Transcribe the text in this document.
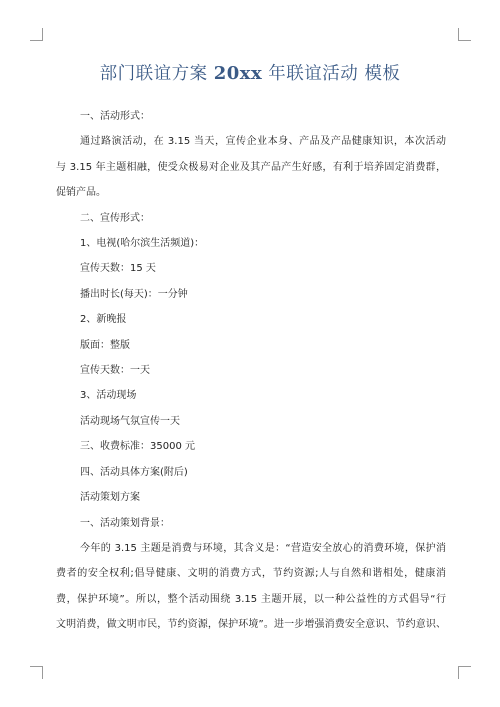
部门联谊方案 20xx 年联谊活动 模板

一、活动形式：

通过路演活动，在 3.15 当天，宣传企业本身、产品及产品健康知识，本次活动

与 3.15 年主题相融，使受众极易对企业及其产品产生好感，有利于培养固定消费群，

促销产品。

二、宣传形式：

1、电视(哈尔滨生活频道)：

宣传天数：15 天

播出时长(每天)：一分钟

2、新晚报

版面：整版

宣传天数：一天

3、活动现场

活动现场气氛宣传一天

三、收费标准：35000 元

四、活动具体方案(附后)

活动策划方案

一、活动策划背景：

今年的 3.15 主题是消费与环境，其含义是：“营造安全放心的消费环境，保护消

费者的安全权利;倡导健康、文明的消费方式，节约资源;人与自然和谐相处，健康消

费，保护环境”。所以，整个活动围绕 3.15 主题开展，以一种公益性的方式倡导“行

文明消费，做文明市民，节约资源，保护环境”。进一步增强消费安全意识、节约意识、
